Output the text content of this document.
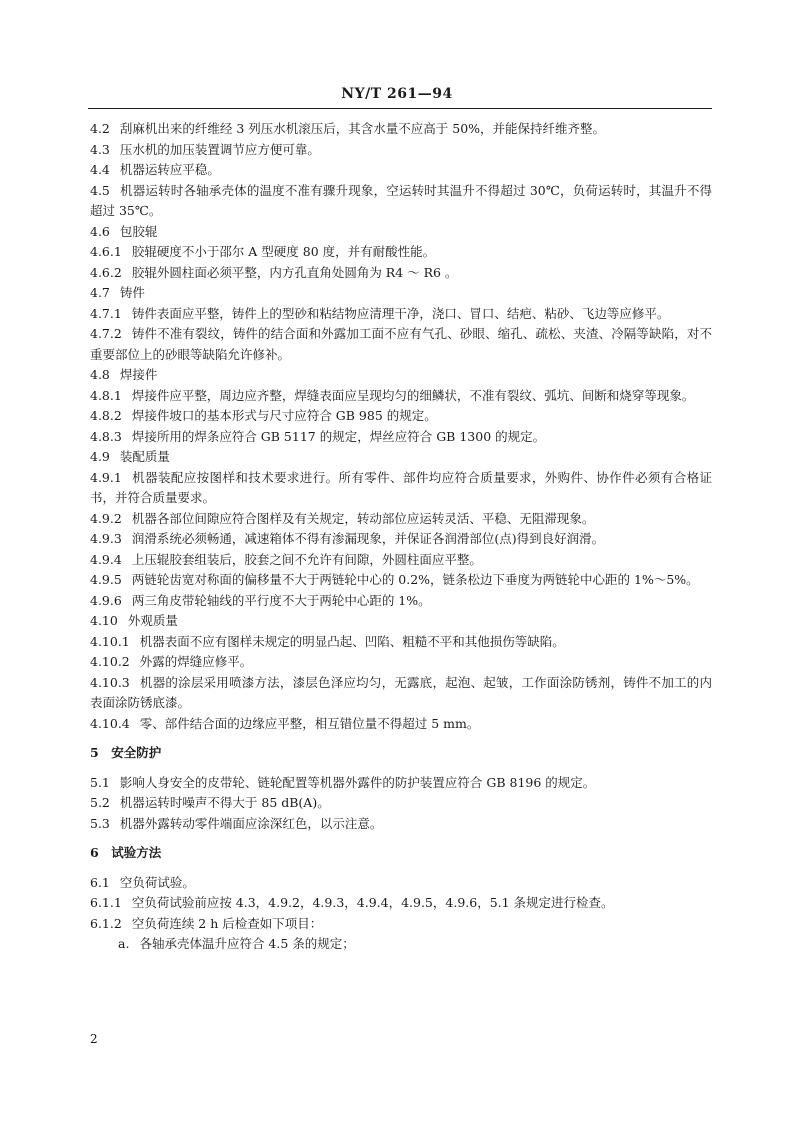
NY/T 261—94
4.2 刮麻机出来的纤维经 3 列压水机滚压后，其含水量不应高于 50%，并能保持纤维齐整。
4.3 压水机的加压装置调节应方便可靠。
4.4 机器运转应平稳。
4.5 机器运转时各轴承壳体的温度不准有骤升现象，空运转时其温升不得超过 30℃，负荷运转时，其温升不得超过 35℃。
4.6 包胶辊
4.6.1 胶辊硬度不小于邵尔 A 型硬度 80 度，并有耐酸性能。
4.6.2 胶辊外圆柱面必须平整，内方孔直角处圆角为 R4 ～ R6 。
4.7 铸件
4.7.1 铸件表面应平整，铸件上的型砂和粘结物应清理干净，浇口、冒口、结疤、粘砂、飞边等应修平。
4.7.2 铸件不准有裂纹，铸件的结合面和外露加工面不应有气孔、砂眼、缩孔、疏松、夹渣、冷隔等缺陷，对不重要部位上的砂眼等缺陷允许修补。
4.8 焊接件
4.8.1 焊接件应平整，周边应齐整，焊缝表面应呈现均匀的细鳞状，不准有裂纹、弧坑、间断和烧穿等现象。
4.8.2 焊接件坡口的基本形式与尺寸应符合 GB 985 的规定。
4.8.3 焊接所用的焊条应符合 GB 5117 的规定，焊丝应符合 GB 1300 的规定。
4.9 装配质量
4.9.1 机器装配应按图样和技术要求进行。所有零件、部件均应符合质量要求，外购件、协作件必须有合格证书，并符合质量要求。
4.9.2 机器各部位间隙应符合图样及有关规定，转动部位应运转灵活、平稳、无阻滞现象。
4.9.3 润滑系统必须畅通，减速箱体不得有渗漏现象，并保证各润滑部位(点)得到良好润滑。
4.9.4 上压辊胶套组装后，胶套之间不允许有间隙，外圆柱面应平整。
4.9.5 两链轮齿宽对称面的偏移量不大于两链轮中心的 0.2%，链条松边下垂度为两链轮中心距的 1%～5%。
4.9.6 两三角皮带轮轴线的平行度不大于两轮中心距的 1%。
4.10 外观质量
4.10.1 机器表面不应有图样未规定的明显凸起、凹陷、粗糙不平和其他损伤等缺陷。
4.10.2 外露的焊缝应修平。
4.10.3 机器的涂层采用喷漆方法，漆层色泽应均匀，无露底，起泡、起皱，工作面涂防锈剂，铸件不加工的内表面涂防锈底漆。
4.10.4 零、部件结合面的边缘应平整，相互错位量不得超过 5 mm。
5　安全防护
5.1 影响人身安全的皮带轮、链轮配置等机器外露件的防护装置应符合 GB 8196 的规定。
5.2 机器运转时噪声不得大于 85 dB(A)。
5.3 机器外露转动零件端面应涂深红色，以示注意。
6　试验方法
6.1 空负荷试验。
6.1.1 空负荷试验前应按 4.3，4.9.2，4.9.3，4.9.4，4.9.5，4.9.6，5.1 条规定进行检查。
6.1.2 空负荷连续 2 h 后检查如下项目：
a. 各轴承壳体温升应符合 4.5 条的规定；
2
